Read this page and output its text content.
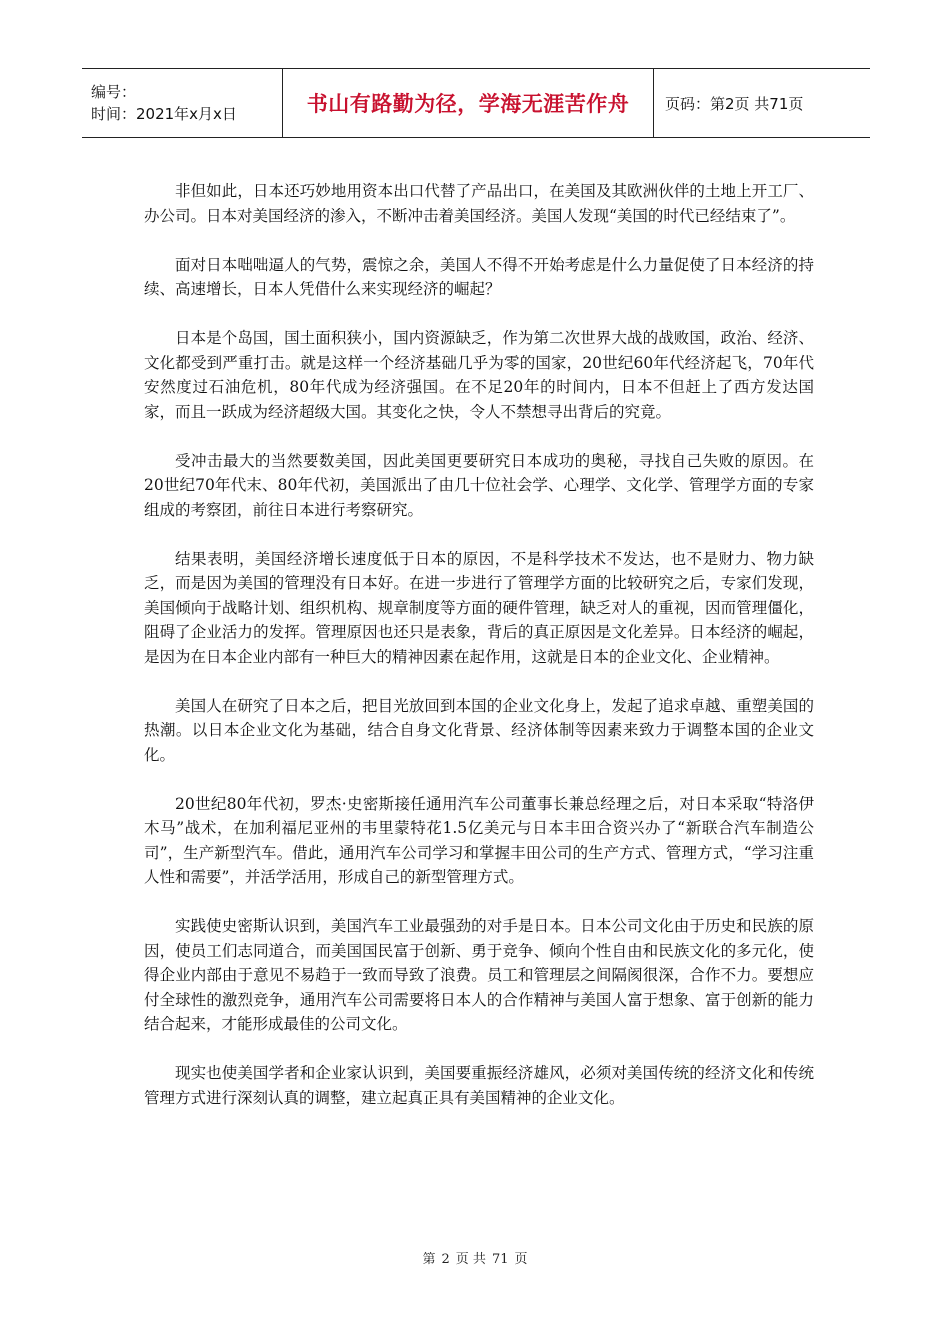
编号：
时间：2021年x月x日	书山有路勤为径，学海无涯苦作舟 页码：第2页 共71页

非但如此，日本还巧妙地用资本出口代替了产品出口，在美国及其欧洲伙伴的土地上开工厂、办公司。日本对美国经济的渗入，不断冲击着美国经济。美国人发现“美国的时代已经结束了”。

面对日本咄咄逼人的气势，震惊之余，美国人不得不开始考虑是什么力量促使了日本经济的持续、高速增长，日本人凭借什么来实现经济的崛起？

日本是个岛国，国土面积狭小，国内资源缺乏，作为第二次世界大战的战败国，政治、经济、文化都受到严重打击。就是这样一个经济基础几乎为零的国家，20世纪60年代经济起飞，70年代安然度过石油危机，80年代成为经济强国。在不足20年的时间内，日本不但赶上了西方发达国家，而且一跃成为经济超级大国。其变化之快，令人不禁想寻出背后的究竟。

受冲击最大的当然要数美国，因此美国更要研究日本成功的奥秘，寻找自己失败的原因。在20世纪70年代末、80年代初，美国派出了由几十位社会学、心理学、文化学、管理学方面的专家组成的考察团，前往日本进行考察研究。

结果表明，美国经济增长速度低于日本的原因，不是科学技术不发达，也不是财力、物力缺乏，而是因为美国的管理没有日本好。在进一步进行了管理学方面的比较研究之后，专家们发现，美国倾向于战略计划、组织机构、规章制度等方面的硬件管理，缺乏对人的重视，因而管理僵化，阻碍了企业活力的发挥。管理原因也还只是表象，背后的真正原因是文化差异。日本经济的崛起，是因为在日本企业内部有一种巨大的精神因素在起作用，这就是日本的企业文化、企业精神。

美国人在研究了日本之后，把目光放回到本国的企业文化身上，发起了追求卓越、重塑美国的热潮。以日本企业文化为基础，结合自身文化背景、经济体制等因素来致力于调整本国的企业文化。

20世纪80年代初，罗杰·史密斯接任通用汽车公司董事长兼总经理之后，对日本采取“特洛伊木马”战术，在加利福尼亚州的韦里蒙特花1.5亿美元与日本丰田合资兴办了“新联合汽车制造公司”，生产新型汽车。借此，通用汽车公司学习和掌握丰田公司的生产方式、管理方式，“学习注重人性和需要”，并活学活用，形成自己的新型管理方式。

实践使史密斯认识到，美国汽车工业最强劲的对手是日本。日本公司文化由于历史和民族的原因，使员工们志同道合，而美国国民富于创新、勇于竞争、倾向个性自由和民族文化的多元化，使得企业内部由于意见不易趋于一致而导致了浪费。员工和管理层之间隔阂很深，合作不力。要想应付全球性的激烈竞争，通用汽车公司需要将日本人的合作精神与美国人富于想象、富于创新的能力结合起来，才能形成最佳的公司文化。

现实也使美国学者和企业家认识到，美国要重振经济雄风，必须对美国传统的经济文化和传统管理方式进行深刻认真的调整，建立起真正具有美国精神的企业文化。

第 2 页 共 71 页
